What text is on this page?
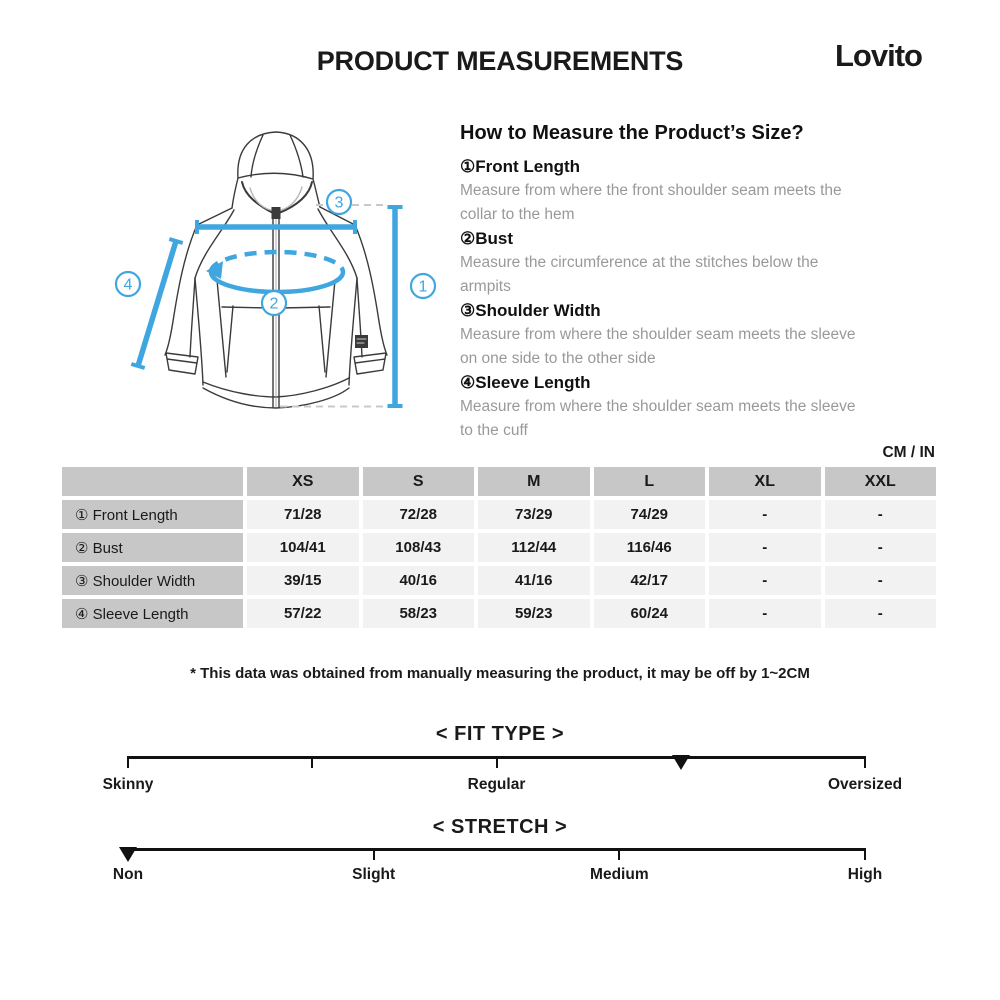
PRODUCT MEASUREMENTS	Lovito
1
2
3
4
How to Measure the Product’s Size?
①Front Length
Measure from where the front shoulder seam meets the collar to the hem
②Bust
Measure the circumference at the stitches below the armpits
③Shoulder Width
Measure from where the shoulder seam meets the sleeve on one side to the other side
④Sleeve Length
Measure from where the shoulder seam meets the sleeve to the cuff
CM / IN
XS	S	M	L	XL	XXL
① Front Length	71/28	72/28	73/29	74/29	-	-
② Bust	104/41	108/43	112/44	116/46	-	-
③ Shoulder Width	39/15	40/16	41/16	42/17	-	-
④ Sleeve Length	57/22	58/23	59/23	60/24	-	-
* This data was obtained from manually measuring the product, it may be off by 1~2CM
< FIT TYPE >
Skinny	Regular	Oversized
< STRETCH >
Non	Slight	Medium	High
